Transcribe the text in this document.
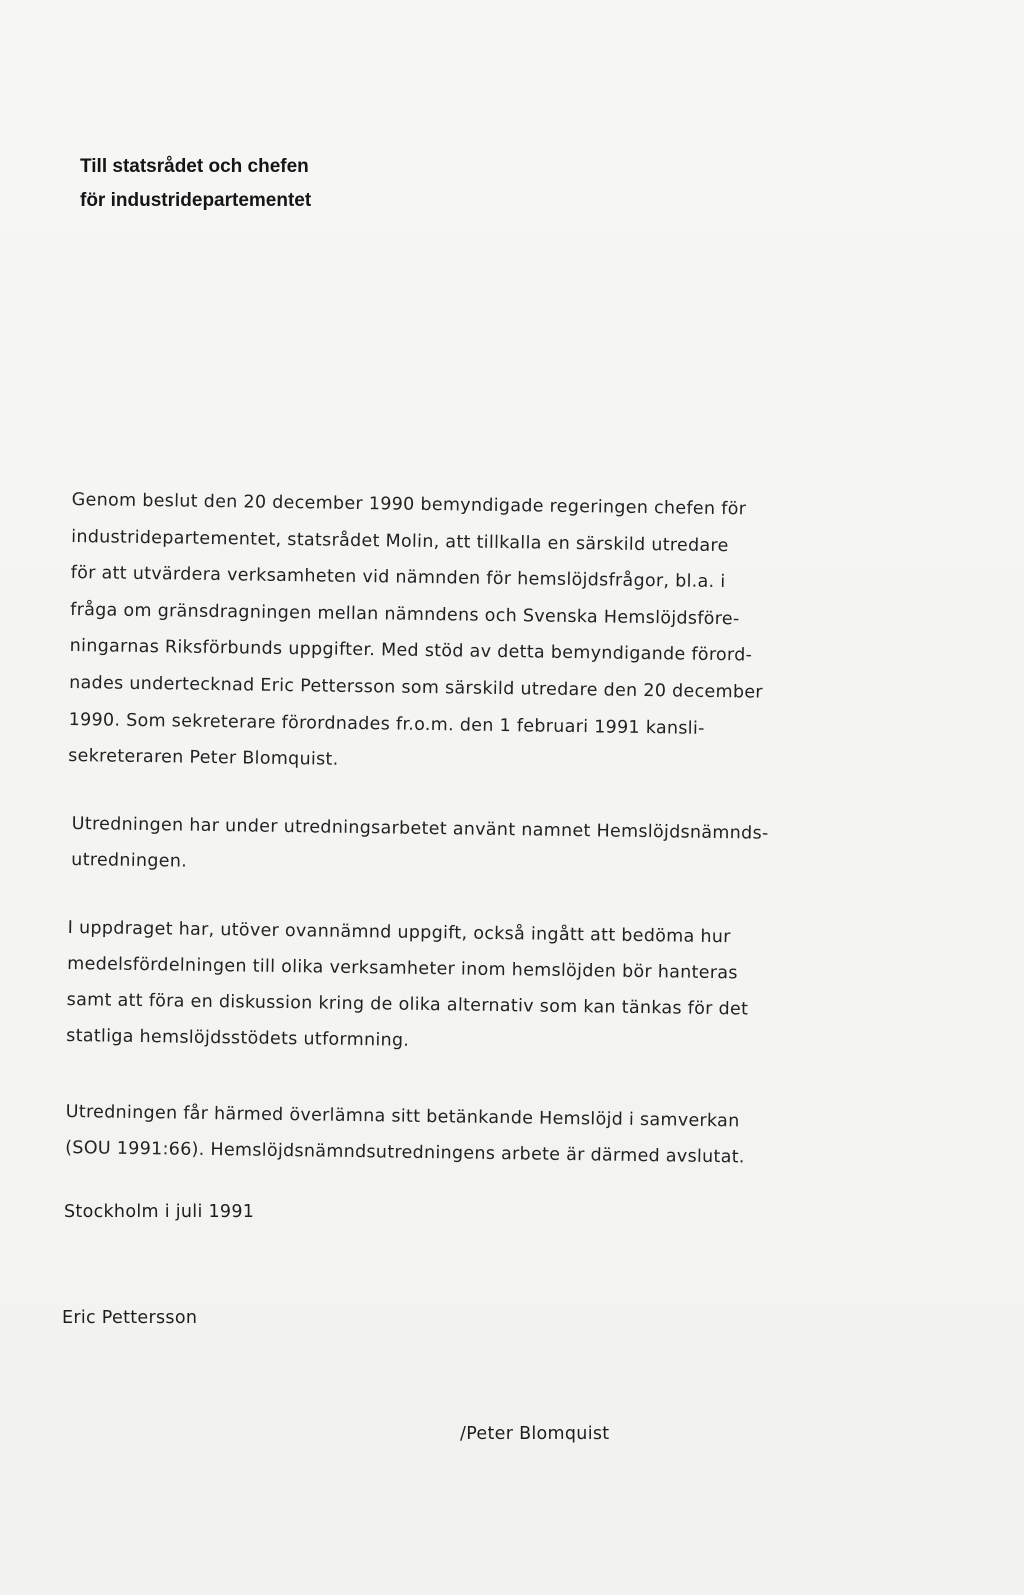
Till statsrådet och chefen
för industridepartementet
Genom beslut den 20 december 1990 bemyndigade regeringen chefen för
industridepartementet, statsrådet Molin, att tillkalla en särskild utredare
för att utvärdera verksamheten vid nämnden för hemslöjdsfrågor, bl.a. i
fråga om gränsdragningen mellan nämndens och Svenska Hemslöjdsföre-
ningarnas Riksförbunds uppgifter. Med stöd av detta bemyndigande förord-
nades undertecknad Eric Pettersson som särskild utredare den 20 december
1990. Som sekreterare förordnades fr.o.m. den 1 februari 1991 kansli-
sekreteraren Peter Blomquist.
Utredningen har under utredningsarbetet använt namnet Hemslöjdsnämnds-
utredningen.
I uppdraget har, utöver ovannämnd uppgift, också ingått att bedöma hur
medelsfördelningen till olika verksamheter inom hemslöjden bör hanteras
samt att föra en diskussion kring de olika alternativ som kan tänkas för det
statliga hemslöjdsstödets utformning.
Utredningen får härmed överlämna sitt betänkande Hemslöjd i samverkan
(SOU 1991:66). Hemslöjdsnämndsutredningens arbete är därmed avslutat.
Stockholm i juli 1991
Eric Pettersson
/Peter Blomquist
